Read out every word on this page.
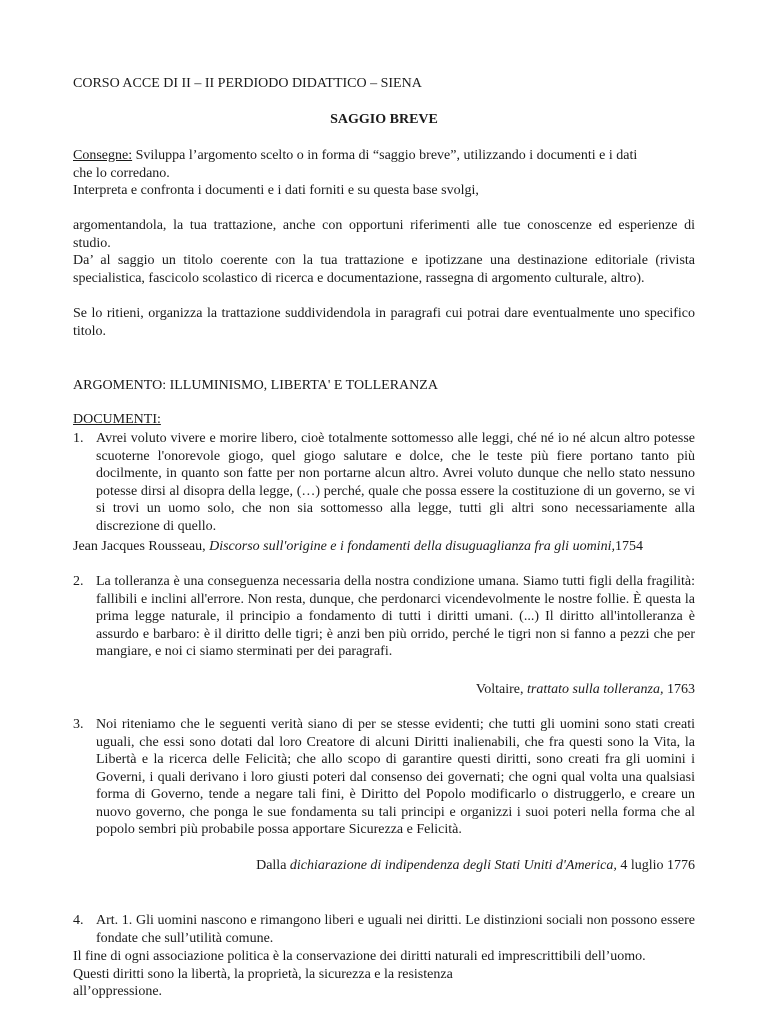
CORSO ACCE DI II – II PERDIODO DIDATTICO – SIENA

SAGGIO BREVE

Consegne: Sviluppa l’argomento scelto o in forma di “saggio breve”, utilizzando i documenti e i dati
che lo corredano.
Interpreta e confronta i documenti e i dati forniti e su questa base svolgi,

argomentandola, la tua trattazione, anche con opportuni riferimenti alle tue conoscenze ed esperienze di studio.

Da’ al saggio un titolo coerente con la tua trattazione e ipotizzane una destinazione editoriale (rivista specialistica, fascicolo scolastico di ricerca e documentazione, rassegna di argomento culturale, altro).

Se lo ritieni, organizza la trattazione suddividendola in paragrafi cui potrai dare eventualmente uno specifico titolo.

ARGOMENTO: ILLUMINISMO, LIBERTA' E TOLLERANZA

DOCUMENTI:

1. Avrei voluto vivere e morire libero, cioè totalmente sottomesso alle leggi, ché né io né alcun altro potesse scuoterne l'onorevole giogo, quel giogo salutare e dolce, che le teste più fiere portano tanto più docilmente, in quanto son fatte per non portarne alcun altro. Avrei voluto dunque che nello stato nessuno potesse dirsi al disopra della legge, (…) perché, quale che possa essere la costituzione di un governo, se vi si trovi un uomo solo, che non sia sottomesso alla legge, tutti gli altri sono necessariamente alla discrezione di quello.
Jean Jacques Rousseau, Discorso sull'origine e i fondamenti della disuguaglianza fra gli uomini,1754
2. La tolleranza è una conseguenza necessaria della nostra condizione umana. Siamo tutti figli della fragilità: fallibili e inclini all'errore. Non resta, dunque, che perdonarci vicendevolmente le nostre follie. È questa la prima legge naturale, il principio a fondamento di tutti i diritti umani. (...) Il diritto all'intolleranza è assurdo e barbaro: è il diritto delle tigri; è anzi ben più orrido, perché le tigri non si fanno a pezzi che per mangiare, e noi ci siamo sterminati per dei paragrafi.
Voltaire, trattato sulla tolleranza, 1763
3. Noi riteniamo che le seguenti verità siano di per se stesse evidenti; che tutti gli uomini sono stati creati uguali, che essi sono dotati dal loro Creatore di alcuni Diritti inalienabili, che fra questi sono la Vita, la Libertà e la ricerca delle Felicità; che allo scopo di garantire questi diritti, sono creati fra gli uomini i Governi, i quali derivano i loro giusti poteri dal consenso dei governati; che ogni qual volta una qualsiasi forma di Governo, tende a negare tali fini, è Diritto del Popolo modificarlo o distruggerlo, e creare un nuovo governo, che ponga le sue fondamenta su tali principi e organizzi i suoi poteri nella forma che al popolo sembri più probabile possa apportare Sicurezza e Felicità.
Dalla dichiarazione di indipendenza degli Stati Uniti d'America, 4 luglio 1776
4. Art. 1. Gli uomini nascono e rimangono liberi e uguali nei diritti. Le distinzioni sociali non possono essere fondate che sull’utilità comune.
Il fine di ogni associazione politica è la conservazione dei diritti naturali ed imprescrittibili dell’uomo.
Questi diritti sono la libertà, la proprietà, la sicurezza e la resistenza
all’oppressione.
